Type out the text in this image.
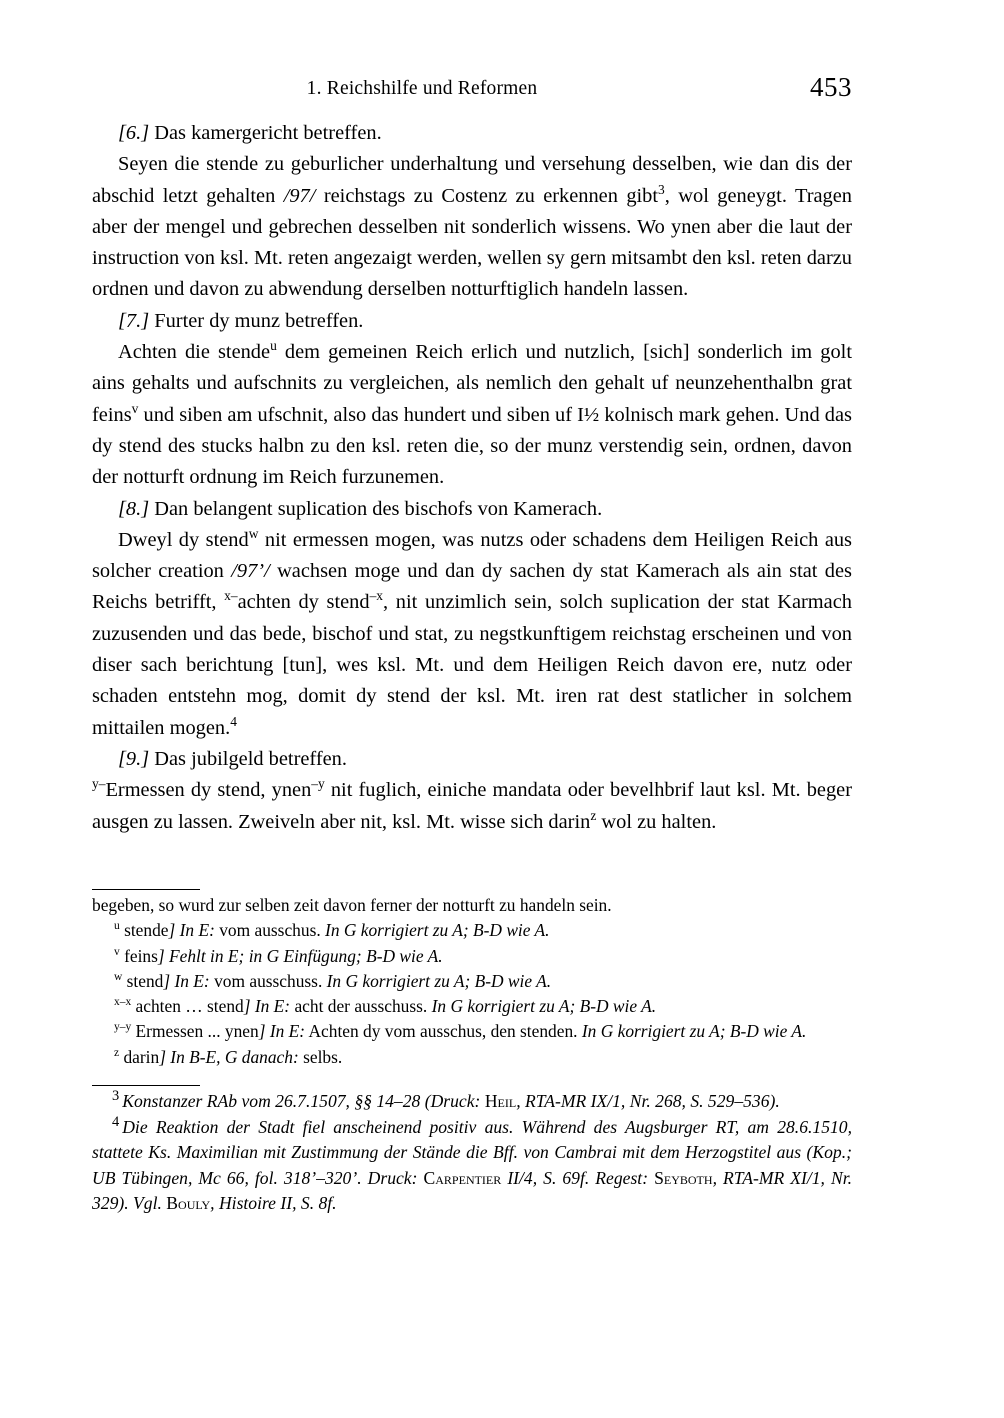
1. Reichshilfe und Reformen	453

[6.] Das kamergericht betreffen.

Seyen die stende zu geburlicher underhaltung und versehung desselben, wie dan dis der abschid letzt gehalten /97/ reichstags zu Costenz zu erkennen gibt$^3$, wol geneygt. Tragen aber der mengel und gebrechen desselben nit sonderlich wissens. Wo ynen aber die laut der instruction von ksl. Mt. reten angezaigt werden, wellen sy gern mitsambt den ksl. reten darzu ordnen und davon zu abwendung derselben notturftiglich handeln lassen.

[7.] Furter dy munz betreffen.

Achten die stende$^u$ dem gemeinen Reich erlich und nutzlich, [sich] sonderlich im golt ains gehalts und aufschnits zu vergleichen, als nemlich den gehalt uf neunzehenthalbn grat feins$^v$ und siben am ufschnit, also das hundert und siben uf I½ kolnisch mark gehen. Und das dy stend des stucks halbn zu den ksl. reten die, so der munz verstendig sein, ordnen, davon der notturft ordnung im Reich furzunemen.

[8.] Dan belangent suplication des bischofs von Kamerach.

Dweyl dy stend$^w$ nit ermessen mogen, was nutzs oder schadens dem Heiligen Reich aus solcher creation /97’/ wachsen moge und dan dy sachen dy stat Kamerach als ain stat des Reichs betrifft, $^{x-}$achten dy stend$^{-x}$, nit unzimlich sein, solch suplication der stat Karmach zuzusenden und das bede, bischof und stat, zu negstkunftigem reichstag erscheinen und von diser sach berichtung [tun], wes ksl. Mt. und dem Heiligen Reich davon ere, nutz oder schaden entstehn mog, domit dy stend der ksl. Mt. iren rat dest statlicher in solchem mittailen mogen.$^4$

[9.] Das jubilgeld betreffen.

$^{y-}$Ermessen dy stend, ynen$^{-y}$ nit fuglich, einiche mandata oder bevelhbrif laut ksl. Mt. beger ausgen zu lassen. Zweiveln aber nit, ksl. Mt. wisse sich darin$^z$ wol zu halten.

begeben, so wurd zur selben zeit davon ferner der notturft zu handeln sein.

$^u$ stende] In E: vom ausschus. In G korrigiert zu A; B-D wie A.

$^v$ feins] Fehlt in E; in G Einfügung; B-D wie A.

$^w$ stend] In E: vom ausschuss. In G korrigiert zu A; B-D wie A.

$^{x-x}$ achten … stend] In E: acht der ausschuss. In G korrigiert zu A; B-D wie A.

$^{y-y}$ Ermessen ... ynen] In E: Achten dy vom ausschus, den stenden. In G korrigiert zu A; B-D wie A.

$^z$ darin] In B-E, G danach: selbs.

$^3$ Konstanzer RAb vom 26.7.1507, §§ 14–28 (Druck: Heil, RTA-MR IX/1, Nr. 268, S. 529–536).

$^4$ Die Reaktion der Stadt fiel anscheinend positiv aus. Während des Augsburger RT, am 28.6.1510, stattete Ks. Maximilian mit Zustimmung der Stände die Bff. von Cambrai mit dem Herzogstitel aus (Kop.; UB Tübingen, Mc 66, fol. 318’–320’. Druck: Carpentier II/4, S. 69f. Regest: Seyboth, RTA-MR XI/1, Nr. 329). Vgl. Bouly, Histoire II, S. 8f.
